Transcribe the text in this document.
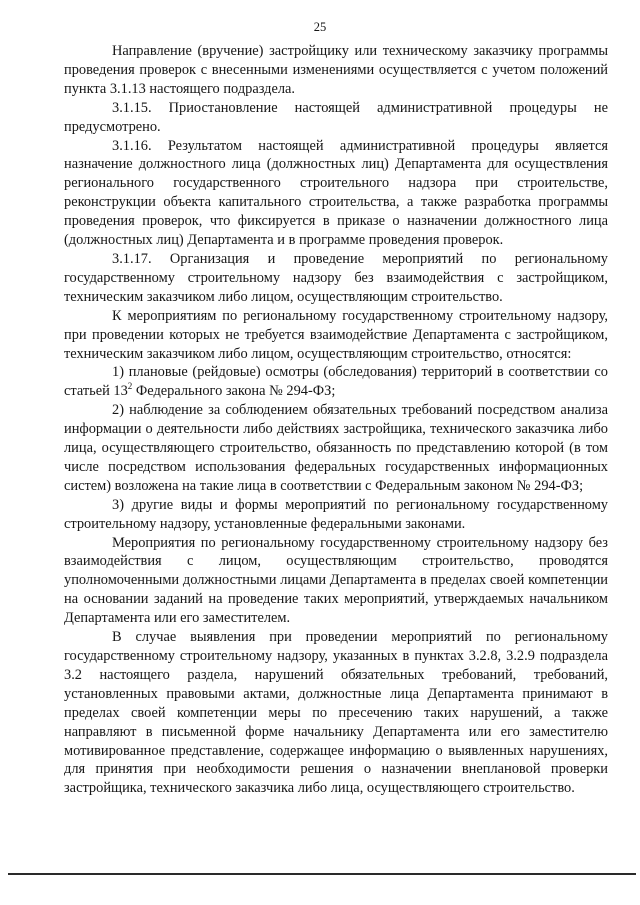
25

Направление (вручение) застройщику или техническому заказчику программы проведения проверок с внесенными изменениями осуществляется с учетом положений пункта 3.1.13 настоящего подраздела.

3.1.15. Приостановление настоящей административной процедуры не предусмотрено.

3.1.16. Результатом настоящей административной процедуры является назначение должностного лица (должностных лиц) Департамента для осуществления регионального государственного строительного надзора при строительстве, реконструкции объекта капитального строительства, а также разработка программы проведения проверок, что фиксируется в приказе о назначении должностного лица (должностных лиц) Департамента и в программе проведения проверок.

3.1.17. Организация и проведение мероприятий по региональному государственному строительному надзору без взаимодействия с застройщиком, техническим заказчиком либо лицом, осуществляющим строительство.

К мероприятиям по региональному государственному строительному надзору, при проведении которых не требуется взаимодействие Департамента с застройщиком, техническим заказчиком либо лицом, осуществляющим строительство, относятся:

1) плановые (рейдовые) осмотры (обследования) территорий в соответствии со статьей $13^2$ Федерального закона № 294-ФЗ;

2) наблюдение за соблюдением обязательных требований посредством анализа информации о деятельности либо действиях застройщика, технического заказчика либо лица, осуществляющего строительство, обязанность по представлению которой (в том числе посредством использования федеральных государственных информационных систем) возложена на такие лица в соответствии с Федеральным законом № 294-ФЗ;

3) другие виды и формы мероприятий по региональному государственному строительному надзору, установленные федеральными законами.

Мероприятия по региональному государственному строительному надзору без взаимодействия с лицом, осуществляющим строительство, проводятся уполномоченными должностными лицами Департамента в пределах своей компетенции на основании заданий на проведение таких мероприятий, утверждаемых начальником Департамента или его заместителем.

В случае выявления при проведении мероприятий по региональному государственному строительному надзору, указанных в пунктах 3.2.8, 3.2.9 подраздела 3.2 настоящего раздела, нарушений обязательных требований, требований, установленных правовыми актами, должностные лица Департамента принимают в пределах своей компетенции меры по пресечению таких нарушений, а также направляют в письменной форме начальнику Департамента или его заместителю мотивированное представление, содержащее информацию о выявленных нарушениях, для принятия при необходимости решения о назначении внеплановой проверки застройщика, технического заказчика либо лица, осуществляющего строительство.
